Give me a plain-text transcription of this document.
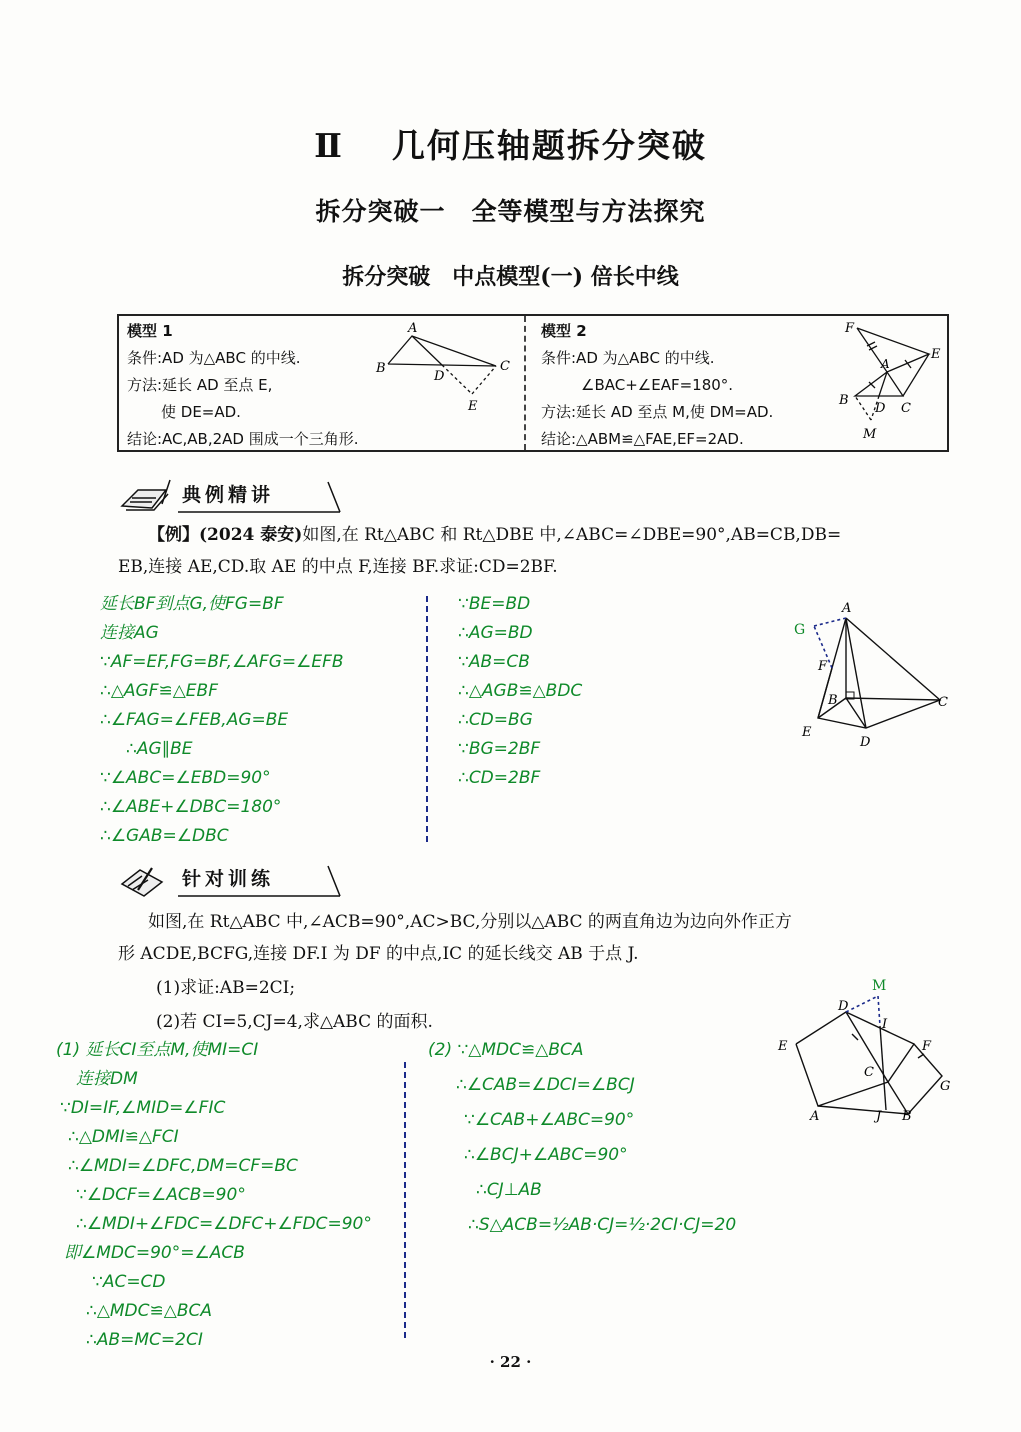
Ⅱ 几何压轴题拆分突破
拆分突破一 全等模型与方法探究
拆分突破 中点模型(一) 倍长中线
模型 1
条件:AD 为△ABC 的中线.
方法:延长 AD 至点 E,
使 DE=AD.
结论:AC,AB,2AD 围成一个三角形.
A
B	C
D
E
模型 2
条件:AD 为△ABC 的中线.
∠BAC+∠EAF=180°.
方法:延长 AD 至点 M,使 DM=AD.
结论:△ABM≌△FAE,EF=2AD.
F
E
A
B
D C
M
典例精讲
【例】(2024 泰安)如图,在 Rt△ABC 和 Rt△DBE 中,∠ABC=∠DBE=90°,AB=CB,DB=
EB,连接 AE,CD.取 AE 的中点 F,连接 BF.求证:CD=2BF.
延长BF到点G,使FG=BF
连接AG
∵AF=EF,FG=BF,∠AFG=∠EFB
∴△AGF≌△EBF
∴∠FAG=∠FEB,AG=BE
∴AG∥BE
∵∠ABC=∠EBD=90°
∴∠ABE+∠DBC=180°
∴∠GAB=∠DBC
∵BE=BD
∴AG=BD
∵AB=CB
∴△AGB≌△BDC
∴CD=BG
∵BG=2BF
∴CD=2BF
A
G
F
B	C
E
D
针对训练
如图,在 Rt△ABC 中,∠ACB=90°,AC>BC,分别以△ABC 的两直角边为边向外作正方
形 ACDE,BCFG,连接 DF.I 为 DF 的中点,IC 的延长线交 AB 于点 J.
(1)求证:AB=2CI;
(2)若 CI=5,CJ=4,求△ABC 的面积.
M
D
I
E	F
C
G
A	J B
(1) 延长CI至点M,使MI=CI
连接DM
∵DI=IF,∠MID=∠FIC
∴△DMI≌△FCI
∴∠MDI=∠DFC,DM=CF=BC
∵∠DCF=∠ACB=90°
∴∠MDI+∠FDC=∠DFC+∠FDC=90°
即∠MDC=90°=∠ACB
∵AC=CD
∴△MDC≌△BCA
∴AB=MC=2CI
(2) ∵△MDC≌△BCA
∴∠CAB=∠DCI=∠BCJ
∵∠CAB+∠ABC=90°
∴∠BCJ+∠ABC=90°
∴CJ⊥AB
∴S△ACB=½AB·CJ=½·2CI·CJ=20
· 22 ·
